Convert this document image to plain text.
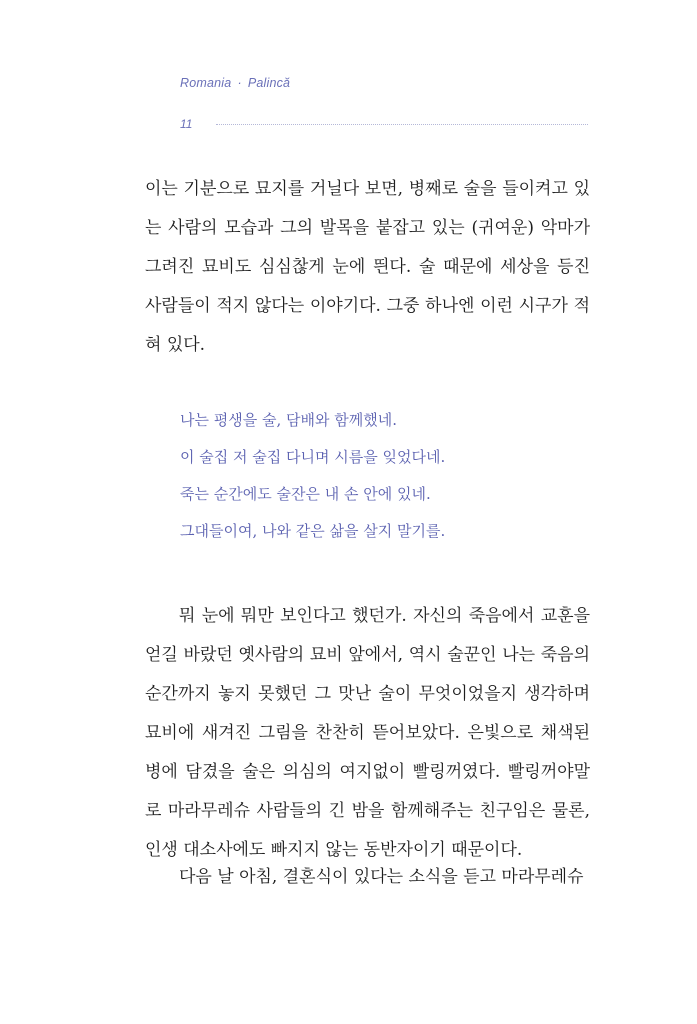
Romania · Palincă
11

이는 기분으로 묘지를 거닐다 보면, 병째로 술을 들이켜고 있는 사람의 모습과 그의 발목을 붙잡고 있는 (귀여운) 악마가 그려진 묘비도 심심찮게 눈에 띈다. 술 때문에 세상을 등진 사람들이 적지 않다는 이야기다. 그중 하나엔 이런 시구가 적혀 있다.

나는 평생을 술, 담배와 함께했네.
이 술집 저 술집 다니며 시름을 잊었다네.
죽는 순간에도 술잔은 내 손 안에 있네.
그대들이여, 나와 같은 삶을 살지 말기를.

뭐 눈에 뭐만 보인다고 했던가. 자신의 죽음에서 교훈을 얻길 바랐던 옛사람의 묘비 앞에서, 역시 술꾼인 나는 죽음의 순간까지 놓지 못했던 그 맛난 술이 무엇이었을지 생각하며 묘비에 새겨진 그림을 찬찬히 뜯어보았다. 은빛으로 채색된 병에 담겼을 술은 의심의 여지없이 빨링꺼였다. 빨링꺼야말로 마라무레슈 사람들의 긴 밤을 함께해주는 친구임은 물론, 인생 대소사에도 빠지지 않는 동반자이기 때문이다.

다음 날 아침, 결혼식이 있다는 소식을 듣고 마라무레슈
